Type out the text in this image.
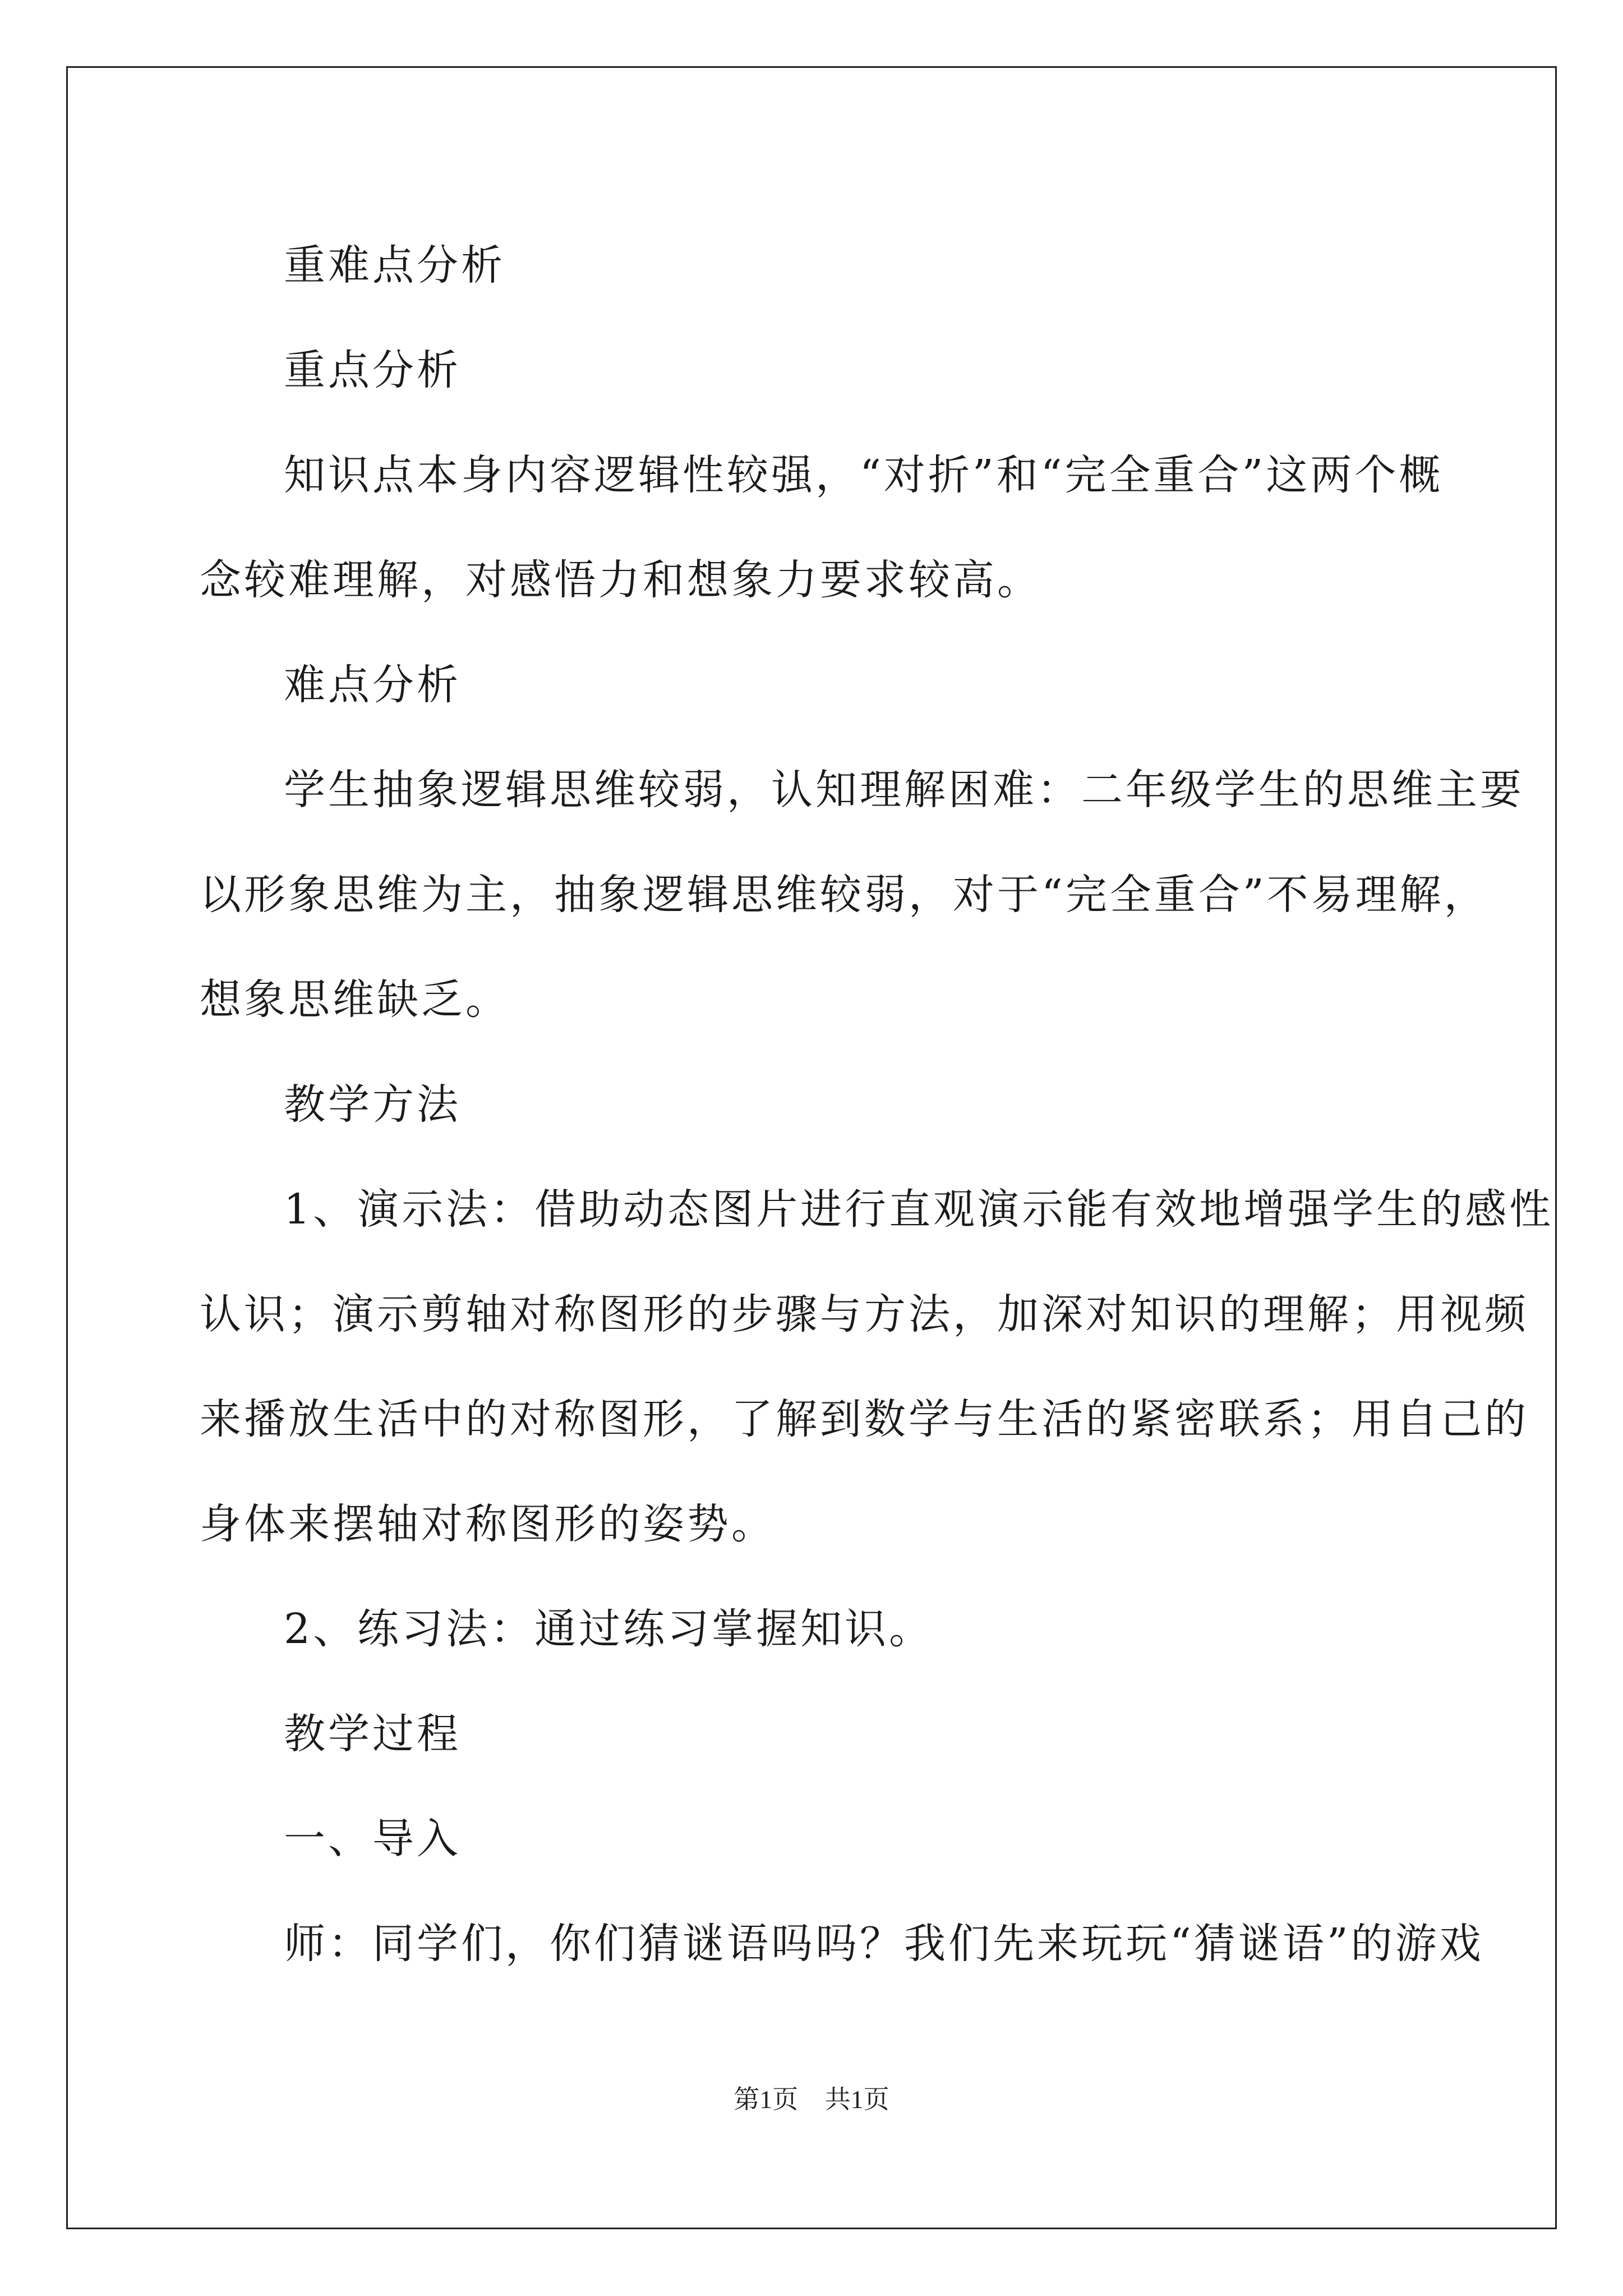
重难点分析

重点分析

知识点本身内容逻辑性较强，“对折”和“完全重合”这两个概

念较难理解，对感悟力和想象力要求较高。

难点分析

学生抽象逻辑思维较弱，认知理解困难：二年级学生的思维主要

以形象思维为主，抽象逻辑思维较弱，对于“完全重合”不易理解，

想象思维缺乏。

教学方法

1、演示法：借助动态图片进行直观演示能有效地增强学生的感性

认识；演示剪轴对称图形的步骤与方法，加深对知识的理解；用视频

来播放生活中的对称图形，了解到数学与生活的紧密联系；用自己的

身体来摆轴对称图形的姿势。

2、练习法：通过练习掌握知识。

教学过程

一、导入

师：同学们，你们猜谜语吗吗？我们先来玩玩“猜谜语”的游戏

第1页 共1页
